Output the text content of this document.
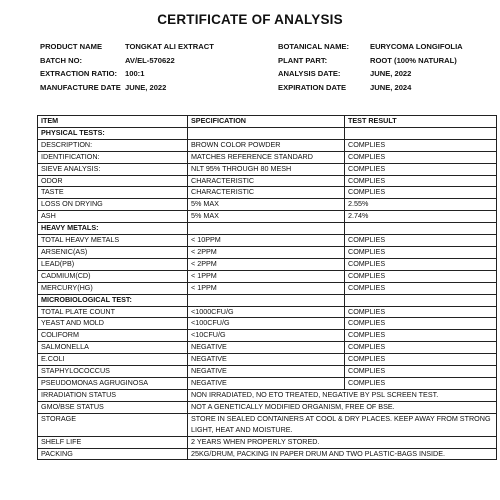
CERTIFICATE OF ANALYSIS
PRODUCT NAME	TONGKAT ALI EXTRACT	BOTANICAL NAME:	EURYCOMA LONGIFOLIA
BATCH NO:	AV/EL-570622	PLANT PART:	ROOT (100% NATURAL)
EXTRACTION RATIO: 100:1	ANALYSIS DATE:	JUNE, 2022
MANUFACTURE DATE JUNE, 2022	EXPIRATION DATE	JUNE, 2024
ITEM	SPECIFICATION	TEST RESULT
PHYSICAL TESTS:		
DESCRIPTION:	BROWN COLOR POWDER	COMPLIES
IDENTIFICATION:	MATCHES REFERENCE STANDARD	COMPLIES
SIEVE ANALYSIS:	NLT 95% THROUGH 80 MESH	COMPLIES
ODOR	CHARACTERISTIC	COMPLIES
TASTE	CHARACTERISTIC	COMPLIES
LOSS ON DRYING	5% MAX	2.55%
ASH	5% MAX	2.74%
HEAVY METALS:		
TOTAL HEAVY METALS	< 10PPM	COMPLIES
ARSENIC(AS)	< 2PPM	COMPLIES
LEAD(PB)	< 2PPM	COMPLIES
CADMIUM(CD)	< 1PPM	COMPLIES
MERCURY(HG)	< 1PPM	COMPLIES
MICROBIOLOGICAL TEST:		
TOTAL PLATE COUNT	<1000CFU/G	COMPLIES
YEAST AND MOLD	<100CFU/G	COMPLIES
COLIFORM	<10CFU/G	COMPLIES
SALMONELLA	NEGATIVE	COMPLIES
E.COLI	NEGATIVE	COMPLIES
STAPHYLOCOCCUS	NEGATIVE	COMPLIES
PSEUDOMONAS AGRUGINOSA	NEGATIVE	COMPLIES
IRRADIATION STATUS	NON IRRADIATED, NO ETO TREATED, NEGATIVE BY PSL SCREEN TEST.	
GMO/BSE STATUS	NOT A GENETICALLY MODIFIED ORGANISM, FREE OF BSE.	
STORAGE	STORE IN SEALED CONTAINERS AT COOL & DRY PLACES. KEEP AWAY FROM STRONG LIGHT, HEAT AND MOISTURE.	
SHELF LIFE	2 YEARS WHEN PROPERLY STORED.	
PACKING	25KG/DRUM, PACKING IN PAPER DRUM AND TWO PLASTIC-BAGS INSIDE.	
